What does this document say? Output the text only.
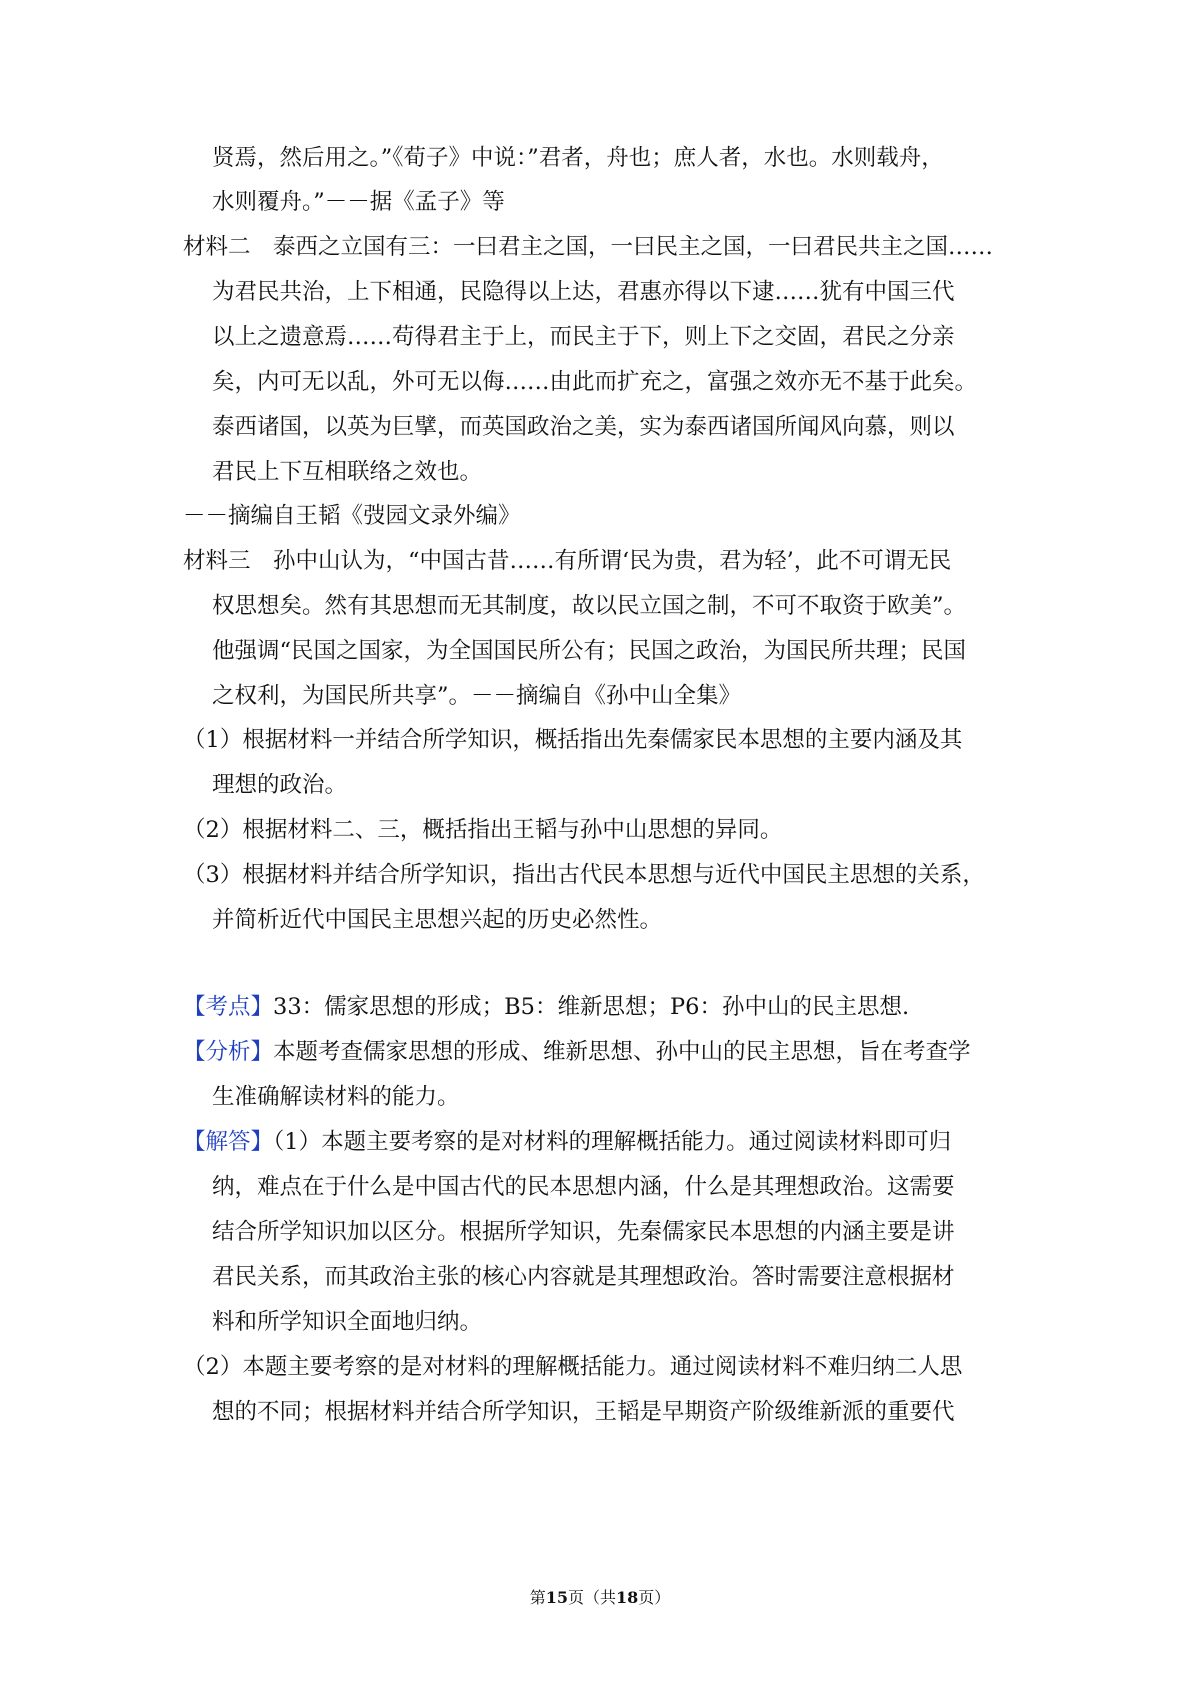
贤焉，然后用之。”《荀子》中说：”君者，舟也；庶人者，水也。水则载舟，
水则覆舟。”－－据《孟子》等
材料二　泰西之立国有三：一曰君主之国，一曰民主之国，一曰君民共主之国……
为君民共治，上下相通，民隐得以上达，君惠亦得以下逮……犹有中国三代
以上之遗意焉……苟得君主于上，而民主于下，则上下之交固，君民之分亲
矣，内可无以乱，外可无以侮……由此而扩充之，富强之效亦无不基于此矣。
泰西诸国，以英为巨擘，而英国政治之美，实为泰西诸国所闻风向慕，则以
君民上下互相联络之效也。
－－摘编自王韬《弢园文录外编》
材料三　孙中山认为，“中国古昔……有所谓‘民为贵，君为轻’，此不可谓无民
权思想矣。然有其思想而无其制度，故以民立国之制，不可不取资于欧美”。
他强调“民国之国家，为全国国民所公有；民国之政治，为国民所共理；民国
之权利，为国民所共享”。－－摘编自《孙中山全集》
（1）根据材料一并结合所学知识，概括指出先秦儒家民本思想的主要内涵及其
理想的政治。
（2）根据材料二、三，概括指出王韬与孙中山思想的异同。
（3）根据材料并结合所学知识，指出古代民本思想与近代中国民主思想的关系，
并简析近代中国民主思想兴起的历史必然性。
【考点】33：儒家思想的形成；B5：维新思想；P6：孙中山的民主思想.
【分析】本题考查儒家思想的形成、维新思想、孙中山的民主思想，旨在考查学
生准确解读材料的能力。
【解答】（1）本题主要考察的是对材料的理解概括能力。通过阅读材料即可归
纳，难点在于什么是中国古代的民本思想内涵，什么是其理想政治。这需要
结合所学知识加以区分。根据所学知识，先秦儒家民本思想的内涵主要是讲
君民关系，而其政治主张的核心内容就是其理想政治。答时需要注意根据材
料和所学知识全面地归纳。
（2）本题主要考察的是对材料的理解概括能力。通过阅读材料不难归纳二人思
想的不同；根据材料并结合所学知识，王韬是早期资产阶级维新派的重要代
第15页（共18页）
